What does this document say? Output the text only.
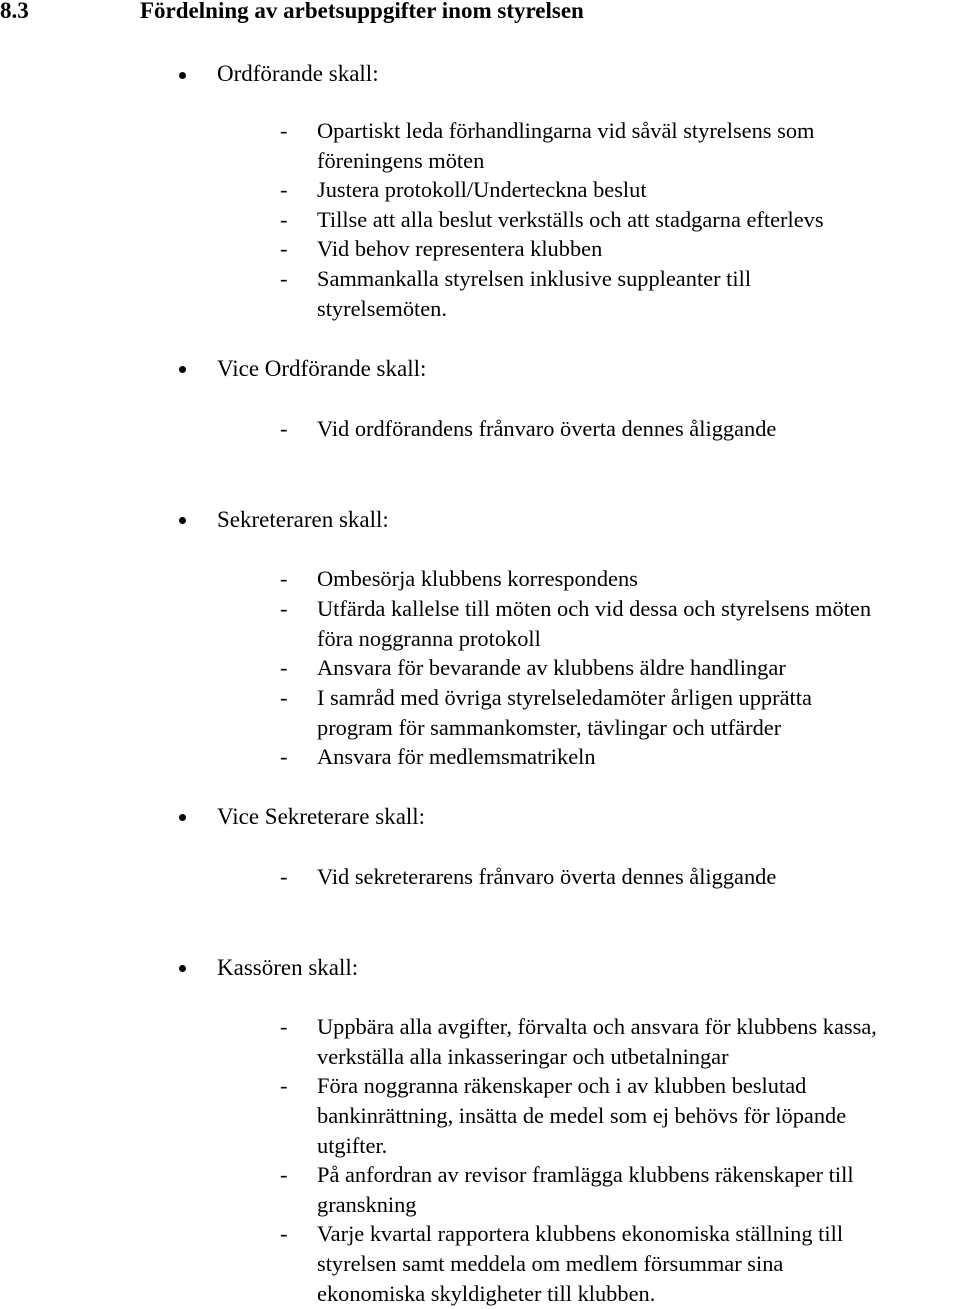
8.3	Fördelning av arbetsuppgifter inom styrelsen
Ordförande skall:
- Opartiskt leda förhandlingarna vid såväl styrelsens som
föreningens möten
- Justera protokoll/Underteckna beslut
- Tillse att alla beslut verkställs och att stadgarna efterlevs
- Vid behov representera klubben
- Sammankalla styrelsen inklusive suppleanter till
styrelsemöten.
Vice Ordförande skall:
- Vid ordförandens frånvaro överta dennes åliggande
Sekreteraren skall:
- Ombesörja klubbens korrespondens
- Utfärda kallelse till möten och vid dessa och styrelsens möten
föra noggranna protokoll
- Ansvara för bevarande av klubbens äldre handlingar
- I samråd med övriga styrelseledamöter årligen upprätta
program för sammankomster, tävlingar och utfärder
- Ansvara för medlemsmatrikeln
Vice Sekreterare skall:
- Vid sekreterarens frånvaro överta dennes åliggande
Kassören skall:
- Uppbära alla avgifter, förvalta och ansvara för klubbens kassa,
verkställa alla inkasseringar och utbetalningar
- Föra noggranna räkenskaper och i av klubben beslutad
bankinrättning, insätta de medel som ej behövs för löpande
utgifter.
- På anfordran av revisor framlägga klubbens räkenskaper till
granskning
- Varje kvartal rapportera klubbens ekonomiska ställning till
styrelsen samt meddela om medlem försummar sina
ekonomiska skyldigheter till klubben.
